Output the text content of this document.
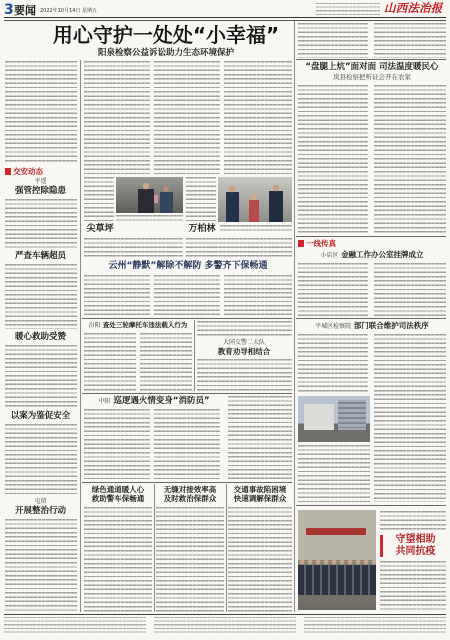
3 要闻 2022年10月14日 星期五	山西法治报
用心守护一处处“小幸福”
阳泉检察公益诉讼助力生态环境保护
交安动态
平遥
强管控除隐患
严查车辆超员
暖心救助受赞
以案为鉴促安全
屯留
开展整治行动
尖草坪	万柏林
云州“静默”解除不解防 多警齐下保畅通
汾阳 查处三轮摩托车违法载人行为
大同交警二大队
教育劝导相结合
中阳 巡逻遇火情变身“消防员”
绿色通道暖人心
救助警车保畅通
无缝对接效率高
及时救治保群众
交通事故陷困境
快速调解保群众
“盘腿上炕”面对面 司法温度暖民心
岚县检察把听证会开在农家
一线传真
小店区 金融工作办公室挂牌成立
平城区检察院 部门联合维护司法秩序
守望相助
共同抗疫
